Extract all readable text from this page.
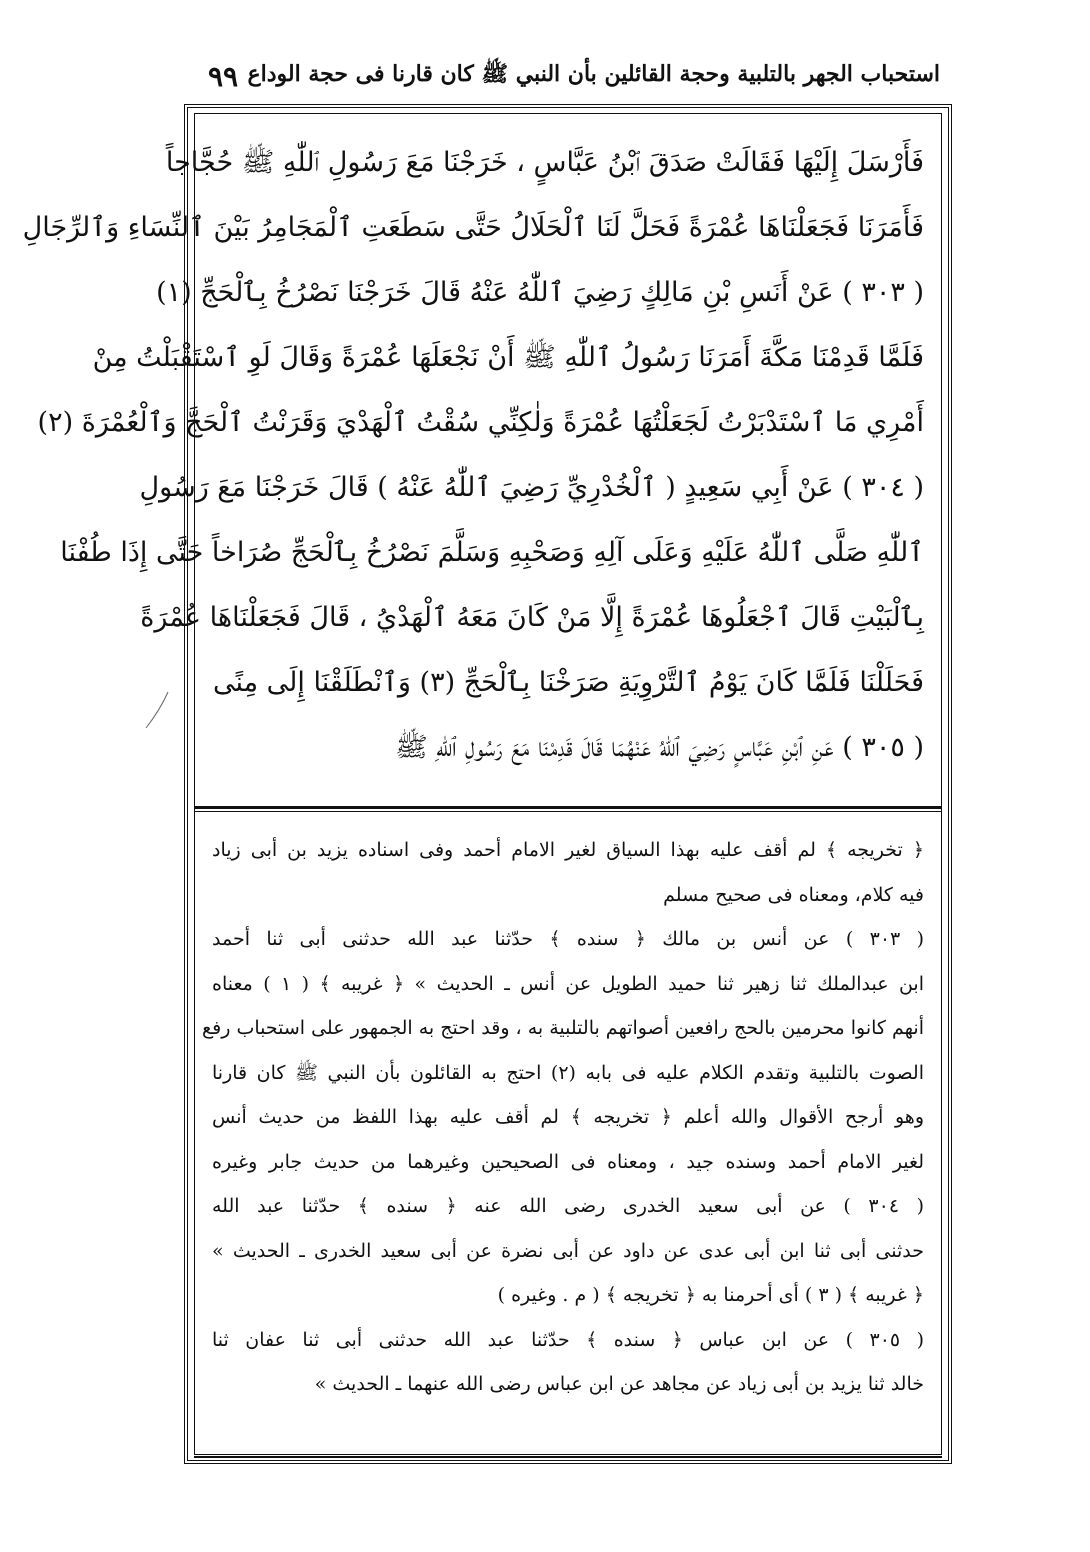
استحباب الجهر بالتلبية وحجة القائلين بأن النبي ﷺ كان قارنا فى حجة الوداع
٩٩
فَأَرْسَلَ إِلَيْهَا فَقَالَتْ صَدَقَ ٱبْنُ عَبَّاسٍ ، خَرَجْنَا مَعَ رَسُولِ ٱللّٰهِ ﷺ حُجَّاجاً
فَأَمَرَنَا فَجَعَلْنَاهَا عُمْرَةً فَحَلَّ لَنَا ٱلْحَلَالُ حَتَّى سَطَعَتِ ٱلْمَجَامِرُ بَيْنَ ٱلنِّسَاءِ وَٱلرِّجَالِ
( ٣٠٣ ) عَنْ أَنَسِ بْنِ مَالِكٍ رَضِيَ ٱللّٰهُ عَنْهُ قَالَ خَرَجْنَا نَصْرُخُ بِٱلْحَجِّ (١)
فَلَمَّا قَدِمْنَا مَكَّةَ أَمَرَنَا رَسُولُ ٱللّٰهِ ﷺ أَنْ نَجْعَلَهَا عُمْرَةً وَقَالَ لَوِ ٱسْتَقْبَلْتُ مِنْ
أَمْرِي مَا ٱسْتَدْبَرْتُ لَجَعَلْتُهَا عُمْرَةً وَلٰكِنِّي سُقْتُ ٱلْهَدْيَ وَقَرَنْتُ ٱلْحَجَّ وَٱلْعُمْرَةَ (٢)
( ٣٠٤ ) عَنْ أَبِي سَعِيدٍ ( ٱلْخُدْرِيِّ رَضِيَ ٱللّٰهُ عَنْهُ ) قَالَ خَرَجْنَا مَعَ رَسُولِ
ٱللّٰهِ صَلَّى ٱللّٰهُ عَلَيْهِ وَعَلَى آلِهِ وَصَحْبِهِ وَسَلَّمَ نَصْرُخُ بِٱلْحَجِّ صُرَاخاً حَتَّى إِذَا طُفْنَا
بِٱلْبَيْتِ قَالَ ٱجْعَلُوهَا عُمْرَةً إِلَّا مَنْ كَانَ مَعَهُ ٱلْهَدْيُ ، قَالَ فَجَعَلْنَاهَا عُمْرَةً
فَحَلَلْنَا فَلَمَّا كَانَ يَوْمُ ٱلتَّرْوِيَةِ صَرَخْنَا بِٱلْحَجِّ (٣) وَٱنْطَلَقْنَا إِلَى مِنًى
( ٣٠٥ ) عَنِ ٱبْنِ عَبَّاسٍ رَضِيَ ٱللّٰهُ عَنْهُمَا قَالَ قَدِمْنَا مَعَ رَسُولِ ٱللّٰهِ ﷺ
﴿ تخريجه ﴾ لم أقف عليه بهذا السياق لغير الامام أحمد وفى اسناده يزيد بن أبى زياد
فيه كلام، ومعناه فى صحيح مسلم
( ٣٠٣ ) عن أنس بن مالك ﴿ سنده ﴾ حدّثنا عبد الله حدثنى أبى ثنا أحمد
ابن عبدالملك ثنا زهير ثنا حميد الطويل عن أنس ـ الحديث » ﴿ غريبه ﴾ ( ١ ) معناه
أنهم كانوا محرمين بالحج رافعين أصواتهم بالتلبية به ، وقد احتج به الجمهور على استحباب رفع
الصوت بالتلبية وتقدم الكلام عليه فى بابه (٢) احتج به القائلون بأن النبي ﷺ كان قارنا
وهو أرجح الأقوال والله أعلم ﴿ تخريجه ﴾ لم أقف عليه بهذا اللفظ من حديث أنس
لغير الامام أحمد وسنده جيد ، ومعناه فى الصحيحين وغيرهما من حديث جابر وغيره
( ٣٠٤ ) عن أبى سعيد الخدرى رضى الله عنه ﴿ سنده ﴾ حدّثنا عبد الله
حدثنى أبى ثنا ابن أبى عدى عن داود عن أبى نضرة عن أبى سعيد الخدرى ـ الحديث »
﴿ غريبه ﴾ ( ٣ ) أى أحرمنا به ﴿ تخريجه ﴾ ( م . وغيره )
( ٣٠٥ ) عن ابن عباس ﴿ سنده ﴾ حدّثنا عبد الله حدثنى أبى ثنا عفان ثنا
خالد ثنا يزيد بن أبى زياد عن مجاهد عن ابن عباس رضى الله عنهما ـ الحديث »
